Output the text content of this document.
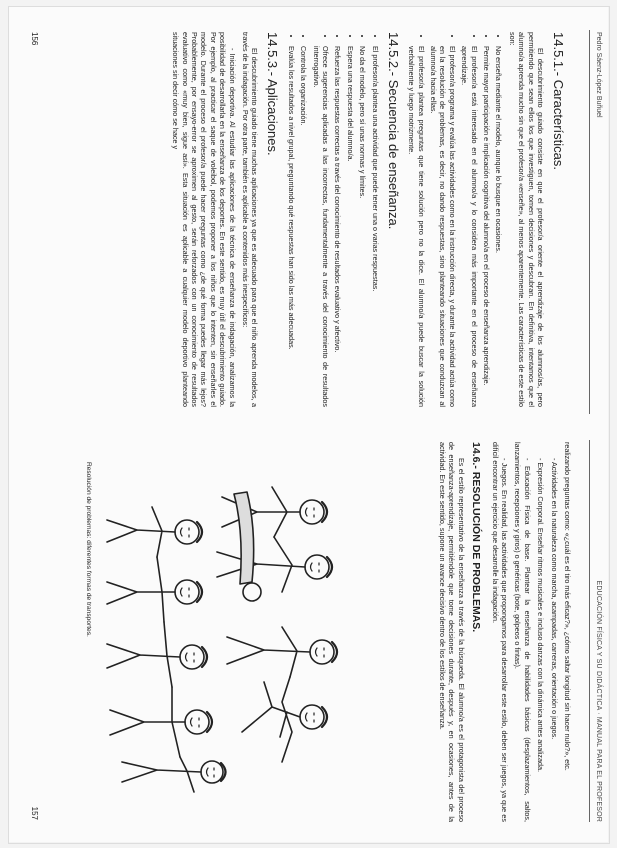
Pedro Sáenz-López Buñuel
14.5.1.- Características.

El descubrimiento guiado consiste en que el profesor/a oriente el aprendizaje de los alumnos/as, pero permitiendo que sean ellos los que investiguen, tomen decisiones y descubran. En definitiva, intentamos que el alumno/a aprenda mucho sin que el profesor/a «enseñe», al menos aparentemente. Las características de este estilo son:

• No enseña mediante el modelo, aunque lo busque en ocasiones.
• Permite mayor participación e implicación cognitiva del alumno/a en el proceso de enseñanza aprendizaje.
• El profesor/a está interesado en el alumno/a y lo considera más importante en el proceso de enseñanza aprendizaje.
• El profesor/a programa y evalúa las actividades como en la instrucción directa, y durante la actividad actúa como en la resolución de problemas, es decir, no dando respuestas, sino planteando situaciones que conduzcan al alumno/a hacia ellas.
• El profesor/a plantea preguntas que tiene solución pero no la dice. El alumno/a puede buscar la solución verbalmente y luego motrizmente.
14.5.2.- Secuencia de enseñanza.
• El profesor/a plantea una actividad que puede tener una o varias respuestas.
• No da el modelo, pero sí unas normas y límites.
• Espera una respuesta del alumno/a.
• Refuerza las respuestas correctas a través del conocimiento de resultados evaluativo y afectivo.
• Ofrece sugerencias aplicadas a las incorrectas, fundamentalmente a través del conocimiento de resultados interrogativo.
• Controla la organización.
• Evalúa los resultados a nivel grupal, preguntando qué respuestas han sido las más adecuadas.
14.5.3.- Aplicaciones.

El descubrimiento guiado tiene muchas aplicaciones ya que es adecuado para que el niño aprenda modelos, a través de la indagación. Por otra parte, también es aplicable a contenidos más inespecíficos:

- Iniciación deportiva. Al estudiar las aplicaciones de la técnica de enseñanza de indagación, analizamos la posibilidad de desarrollarla en la enseñanza de los deportes. En este sentido, es muy útil el descubrimiento guiado. Por ejemplo, al practicar el saque de voleibol, podemos proponer a los niños que lo intenten, sin enseñarles el modelo. Durante el proceso el profesor/a puede hacer preguntas como ¿de qué forma puedes llegar más lejos? Probablemente, por ensayo-error se aproximen al gesto, serán reforzados con un conocimiento de resultados evaluativo como «muy bien, sigue así». Esta situación es aplicable a cualquier modelo deportivo planteando situaciones sin decir cómo se hace y

156
EDUCACIÓN FÍSICA Y SU DIDÁCTICA · MANUAL PARA EL PROFESOR

realizando preguntas como: «¿cuál es el tiro más eficaz?», ¿cómo saltar longitud sin hacer nulo?», etc.

- Actividades en la naturaleza como marcha, acampadas, carreras, orientación o juegos.

- Expresión Corporal. Enseñar ritmos musicales e incluso danzas con la dinámica antes analizada.

- Educación Física de base. Plantear la enseñanza de habilidades básicas (desplazamientos, saltos, lanzamientos, recepciones y giros) o genéricas (bote, golpeos o fintas).

- Juegos. En realidad, las actividades que propongamos para desarrollar este estilo, deben ser juegos, ya que es difícil encontrar un ejercicio que desarrolle la indagación.

14.6.- RESOLUCIÓN DE PROBLEMAS.

Es el estilo representativo de la enseñanza a través de la búsqueda. El alumno/a es el protagonista del proceso de enseñanza-aprendizaje, permitiéndole que tome decisiones durante, después y, en ocasiones, antes de la actividad. En este sentido, supone un avance decisivo dentro de los estilos de enseñanza.

Resolución de problemas: diferentes formas de transportes.
157
